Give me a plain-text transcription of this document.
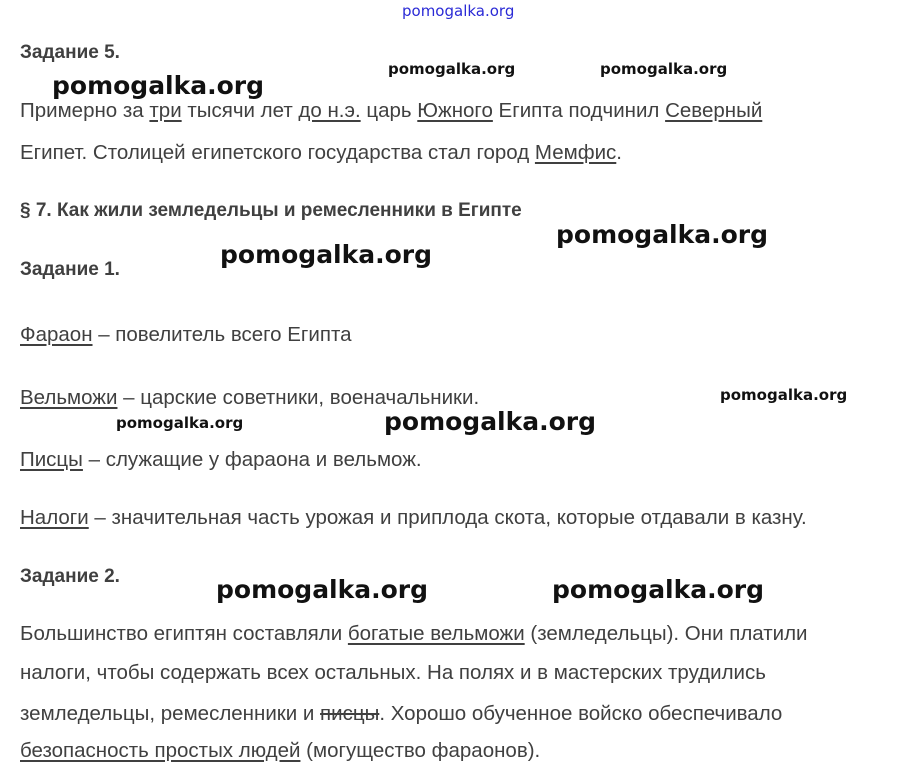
pomogalka.org
Задание 5.
Примерно за три тысячи лет до н.э. царь Южного Египта подчинил Северный
Египет. Столицей египетского государства стал город Мемфис.
§ 7. Как жили земледельцы и ремесленники в Египте
Задание 1.
Фараон – повелитель всего Египта
Вельможи – царские советники, военачальники.
Писцы – служащие у фараона и вельмож.
Налоги – значительная часть урожая и приплода скота, которые отдавали в казну.
Задание 2.
Большинство египтян составляли богатые вельможи (земледельцы). Они платили
налоги, чтобы содержать всех остальных. На полях и в мастерских трудились
земледельцы, ремесленники и писцы. Хорошо обученное войско обеспечивало
безопасность простых людей (могущество фараонов).
pomogalka.org
pomogalka.org	pomogalka.org
pomogalka.org
pomogalka.org
pomogalka.org
pomogalka.org	pomogalka.org
pomogalka.org	pomogalka.org
